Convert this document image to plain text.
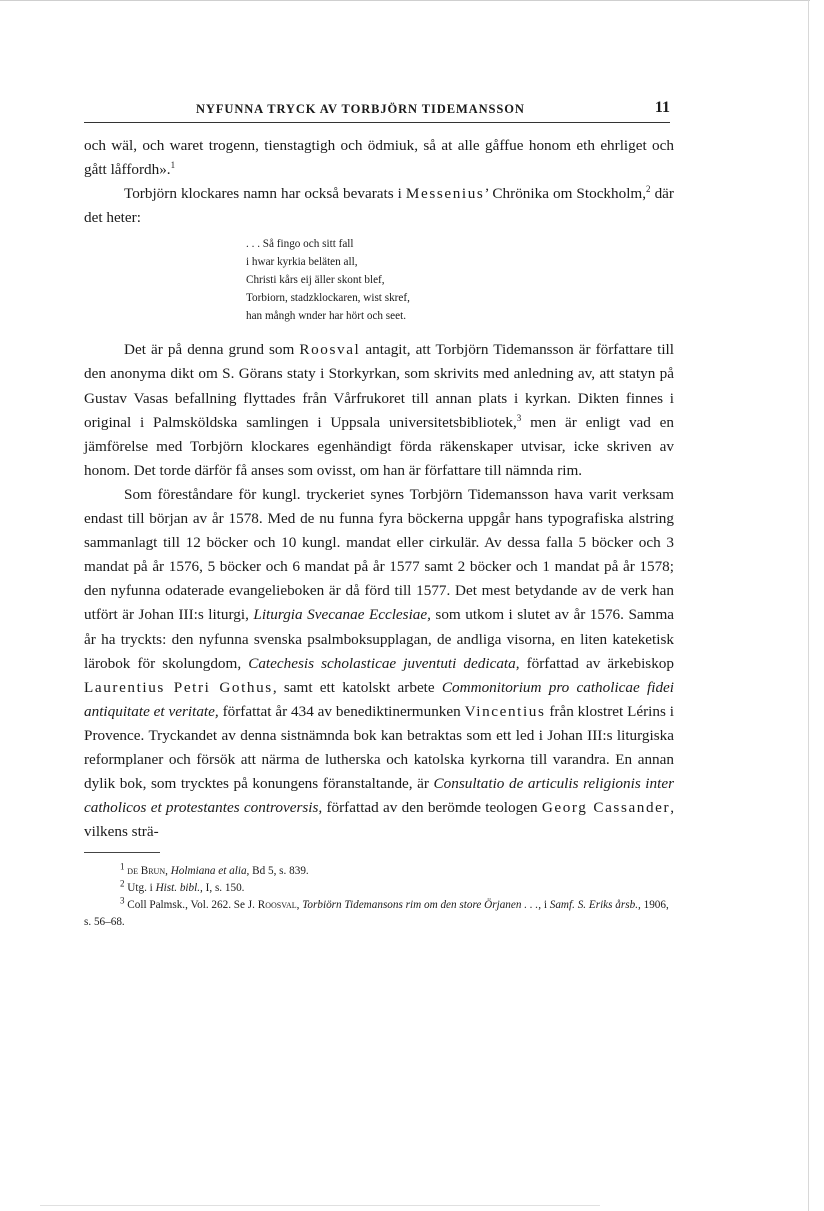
NYFUNNA TRYCK AV TORBJÖRN TIDEMANSSON	11

och wäl, och waret trogenn, tienstagtigh och ödmiuk, så at alle gåffue honom eth ehrliget och gått låffordh».$^1$

Torbjörn klockares namn har också bevarats i Messenius’ Chrönika om Stockholm,$^2$ där det heter:

. . . Så fingo och sitt fall
i hwar kyrkia beläten all,
Christi kårs eij äller skont blef,
Torbiorn, stadzklockaren, wist skref,
han mångh wnder har hört och seet.

Det är på denna grund som Roosval antagit, att Torbjörn Tidemansson är författare till den anonyma dikt om S. Görans staty i Storkyrkan, som skrivits med anledning av, att statyn på Gustav Vasas befallning flyttades från Vårfrukoret till annan plats i kyrkan. Dikten finnes i original i Palmsköldska samlingen i Uppsala universitetsbibliotek,$^3$ men är enligt vad en jämförelse med Torbjörn klockares egenhändigt förda räkenskaper utvisar, icke skriven av honom. Det torde därför få anses som ovisst, om han är författare till nämnda rim.

Som föreståndare för kungl. tryckeriet synes Torbjörn Tidemansson hava varit verksam endast till början av år 1578. Med de nu funna fyra böckerna uppgår hans typografiska alstring sammanlagt till 12 böcker och 10 kungl. mandat eller cirkulär. Av dessa falla 5 böcker och 3 mandat på år 1576, 5 böcker och 6 mandat på år 1577 samt 2 böcker och 1 mandat på år 1578; den nyfunna odaterade evangelieboken är då förd till 1577. Det mest betydande av de verk han utfört är Johan III:s liturgi, Liturgia Svecanae Ecclesiae, som utkom i slutet av år 1576. Samma år ha tryckts: den nyfunna svenska psalmboksupplagan, de andliga visorna, en liten kateketisk lärobok för skolungdom, Catechesis scholasticae juventuti dedicata, författad av ärkebiskop Laurentius Petri Gothus, samt ett katolskt arbete Commonitorium pro catholicae fidei antiquitate et veritate, författat år 434 av benediktinermunken Vincentius från klostret Lérins i Provence. Tryckandet av denna sistnämnda bok kan betraktas som ett led i Johan III:s liturgiska reformplaner och försök att närma de lutherska och katolska kyrkorna till varandra. En annan dylik bok, som trycktes på konungens föranstaltande, är Consultatio de articulis religionis inter catholicos et protestantes controversis, författad av den berömde teologen Georg Cassander, vilkens strä-

$^1$ de Brun, Holmiana et alia, Bd 5, s. 839.
$^2$ Utg. i Hist. bibl., I, s. 150.
$^3$ Coll Palmsk., Vol. 262. Se J. Roosval, Torbiörn Tidemansons rim om den store Örjanen . . ., i Samf. S. Eriks årsb., 1906, s. 56–68.
